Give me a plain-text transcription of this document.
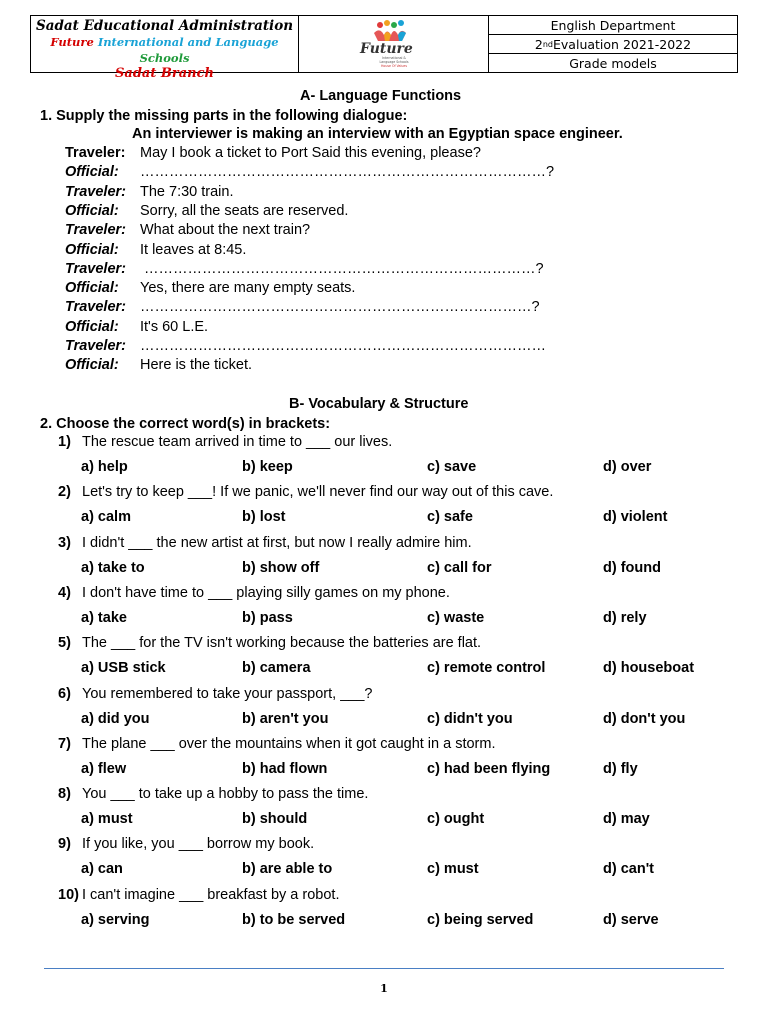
Sadat Educational Administration
Future International and Language Schools
Sadat Branch
Future
International &
Language Schools
House Of Values
English Department
2 nd Evaluation 2021-2022
Grade models
A- Language Functions
1. Supply the missing parts in the following dialogue:
An interviewer is making an interview with an Egyptian space engineer.
Traveler: May I book a ticket to Port Said this evening, please?
Official: …………………………………………………………………………?
Traveler: The 7:30 train.
Official: Sorry, all the seats are reserved.
Traveler: What about the next train?
Official: It leaves at 8:45.
Traveler: ………………………………………………………………………?
Official: Yes, there are many empty seats.
Traveler: ………………………………………………………………………?
Official: It's 60 L.E.
Traveler: …………………………………………………………………………
Official: Here is the ticket.
B- Vocabulary & Structure
2. Choose the correct word(s) in brackets:
1) The rescue team arrived in time to ___ our lives.
a) help	b) keep	c) save	d) over
2) Let's try to keep ___! If we panic, we'll never find our way out of this cave.
a) calm	b) lost	c) safe	d) violent
3) I didn't ___ the new artist at first, but now I really admire him.
a) take to	b) show off	c) call for	d) found
4) I don't have time to ___ playing silly games on my phone.
a) take	b) pass	c) waste	d) rely
5) The ___ for the TV isn't working because the batteries are flat.
a) USB stick	b) camera	c) remote control	d) houseboat
6) You remembered to take your passport, ___?
a) did you	b) aren't you	c) didn't you	d) don't you
7) The plane ___ over the mountains when it got caught in a storm.
a) flew	b) had flown	c) had been flying	d) fly
8) You ___ to take up a hobby to pass the time.
a) must	b) should	c) ought	d) may
9) If you like, you ___ borrow my book.
a) can	b) are able to	c) must	d) can't
10) I can't imagine ___ breakfast by a robot.
a) serving	b) to be served	c) being served	d) serve
1
